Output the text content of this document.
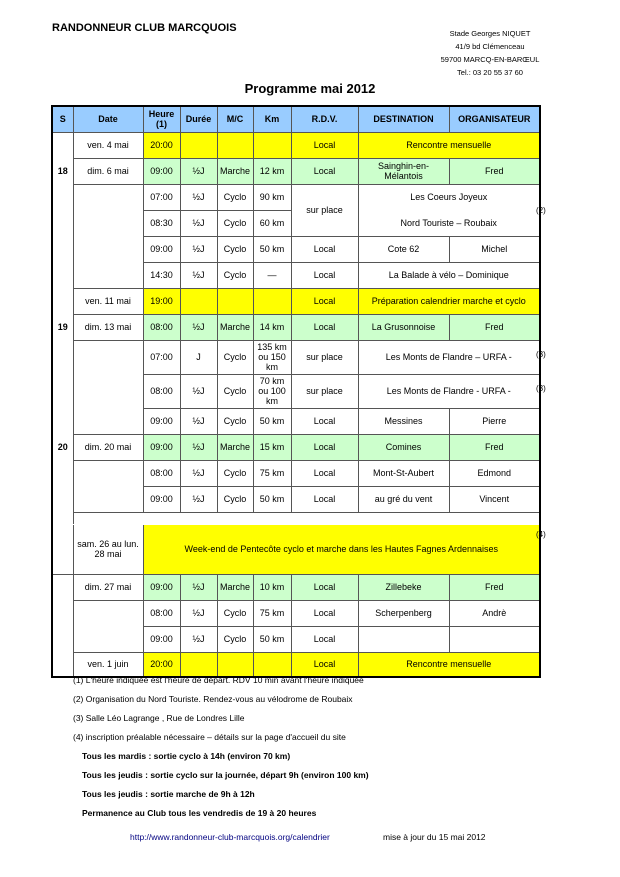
RANDONNEUR CLUB MARCQUOIS	Stade Georges NIQUET
41/9 bd Clémenceau
59700 MARCQ-EN-BARŒUL
Tel.: 03 20 55 37 60
Programme mai 2012
S	Date	Heure (1)	Durée	M/C	Km	R.D.V.	DESTINATION	ORGANISATEUR
	ven. 4 mai	20:00				Local	Rencontre mensuelle	
18	dim. 6 mai	09:00	½J	Marche	12 km	Local	Sainghin-en-Mélantois	Fred
		07:00	½J	Cyclo	90 km	sur place	Les Coeurs Joyeux	
		08:30	½J	Cyclo	60 km		Nord Touriste – Roubaix	
		09:00	½J	Cyclo	50 km	Local	Cote 62	Michel
		14:30	½J	Cyclo	—	Local	La Balade à vélo – Dominique	
	ven. 11 mai	19:00				Local	Préparation calendrier marche et cyclo	
19	dim. 13 mai	08:00	½J	Marche	14 km	Local	La Grusonnoise	Fred
		07:00	J	Cyclo	135 km ou 150 km	sur place	Les Monts de Flandre – URFA -	
		08:00	½J	Cyclo	70 km ou 100 km	sur place	Les Monts de Flandre - URFA -	
		09:00	½J	Cyclo	50 km	Local	Messines	Pierre
20	dim. 20 mai	09:00	½J	Marche	15 km	Local	Comines	Fred
		08:00	½J	Cyclo	75 km	Local	Mont-St-Aubert	Edmond
		09:00	½J	Cyclo	50 km	Local	au gré du vent	Vincent

	sam. 26 au lun. 28 mai	Week-end de Pentecôte cyclo et marche dans les Hautes Fagnes Ardennaises						
	dim. 27 mai	09:00	½J	Marche	10 km	Local	Zillebeke	Fred
		08:00	½J	Cyclo	75 km	Local	Scherpenberg	Andrè
		09:00	½J	Cyclo	50 km	Local		
	ven. 1 juin	20:00				Local	Rencontre mensuelle	
(2)
(3)
(3)
(4)
(1) L'heure indiquée est l'heure de départ. RDV 10 min avant l'heure indiquée
(2) Organisation du Nord Touriste. Rendez-vous au vélodrome de Roubaix
(3) Salle Léo Lagrange , Rue de Londres Lille
(4) inscription préalable nécessaire – détails sur la page d'accueil du site
Tous les mardis : sortie cyclo à 14h (environ 70 km)
Tous les jeudis : sortie cyclo sur la journée, départ 9h (environ 100 km)
Tous les jeudis : sortie marche de 9h à 12h
Permanence au Club tous les vendredis de 19 à 20 heures
http://www.randonneur-club-marcquois.org/calendrier	mise à jour du 15 mai 2012
